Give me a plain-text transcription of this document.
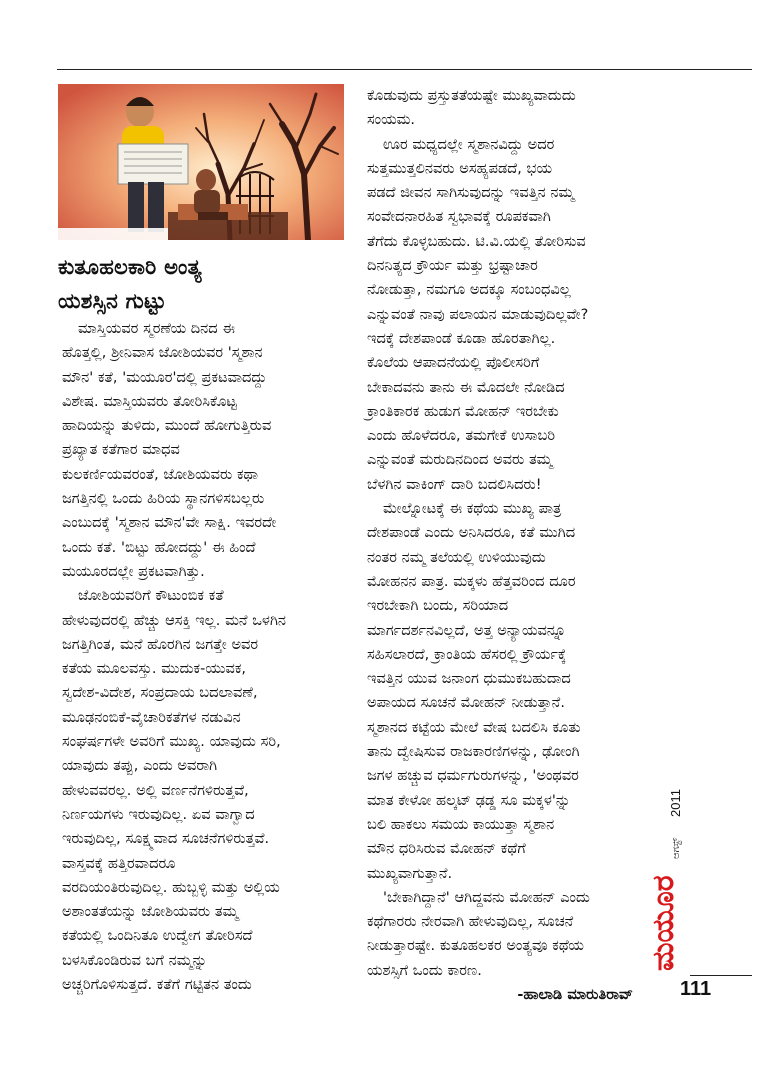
ಕುತೂಹಲಕಾರಿ ಅಂತ್ಯ
ಯಶಸ್ಸಿನ ಗುಟ್ಟು

ಮಾಸ್ತಿಯವರ ಸ್ಮರಣೆಯ ದಿನದ ಈ

ಹೊತ್ತಲ್ಲಿ, ಶ್ರೀನಿವಾಸ ಜೋಶಿಯವರ 'ಸ್ಮಶಾನ

ಮೌನ' ಕತೆ, 'ಮಯೂರ'ದಲ್ಲಿ ಪ್ರಕಟವಾದದ್ದು

ವಿಶೇಷ. ಮಾಸ್ತಿಯವರು ತೋರಿಸಿಕೊಟ್ಟ

ಹಾದಿಯನ್ನು ತುಳಿದು, ಮುಂದೆ ಹೋಗುತ್ತಿರುವ

ಪ್ರಖ್ಯಾತ ಕತೆಗಾರ ಮಾಧವ

ಕುಲಕರ್ಣಿಯವರಂತೆ, ಜೋಶಿಯವರು ಕಥಾ

ಜಗತ್ತಿನಲ್ಲಿ ಒಂದು ಹಿರಿಯ ಸ್ಥಾನಗಳಿಸಬಲ್ಲರು

ಎಂಬುದಕ್ಕೆ 'ಸ್ಮಶಾನ ಮೌನ'ವೇ ಸಾಕ್ಷಿ. ಇವರದೇ

ಒಂದು ಕತೆ. 'ಬಿಟ್ಟು ಹೋದದ್ದು' ಈ ಹಿಂದೆ

ಮಯೂರದಲ್ಲೇ ಪ್ರಕಟವಾಗಿತ್ತು.

ಜೋಶಿಯವರಿಗೆ ಕೌಟುಂಬಿಕ ಕತೆ

ಹೇಳುವುದರಲ್ಲಿ ಹೆಚ್ಚು ಆಸಕ್ತಿ ಇಲ್ಲ. ಮನೆ ಒಳಗಿನ

ಜಗತ್ತಿಗಿಂತ, ಮನೆ ಹೊರಗಿನ ಜಗತ್ತೇ ಅವರ

ಕತೆಯ ಮೂಲವಸ್ತು. ಮುದುಕ-ಯುವಕ,

ಸ್ವದೇಶ-ವಿದೇಶ, ಸಂಪ್ರದಾಯ ಬದಲಾವಣೆ,

ಮೂಢನಂಬಿಕೆ-ವೈಚಾರಿಕತೆಗಳ ನಡುವಿನ

ಸಂಘರ್ಷಗಳೇ ಅವರಿಗೆ ಮುಖ್ಯ. ಯಾವುದು ಸರಿ,

ಯಾವುದು ತಪ್ಪು, ಎಂದು ಅವರಾಗಿ

ಹೇಳುವವರಲ್ಲ. ಅಲ್ಲಿ ವರ್ಣನೆಗಳಿರುತ್ತವೆ,

ನಿರ್ಣಯಗಳು ಇರುವುದಿಲ್ಲ. ಏವ ವಾಗ್ವಾದ

ಇರುವುದಿಲ್ಲ, ಸೂಕ್ಷ್ಮವಾದ ಸೂಚನೆಗಳಿರುತ್ತವೆ.

ವಾಸ್ತವಕ್ಕೆ ಹತ್ತಿರವಾದರೂ

ವರದಿಯಂತಿರುವುದಿಲ್ಲ. ಹುಬ್ಬಳ್ಳಿ ಮತ್ತು ಅಲ್ಲಿಯ

ಅಶಾಂತತೆಯನ್ನು ಜೋಶಿಯವರು ತಮ್ಮ

ಕತೆಯಲ್ಲಿ ಒಂದಿನಿತೂ ಉದ್ವೇಗ ತೋರಿಸದೆ

ಬಳಸಿಕೊಂಡಿರುವ ಬಗೆ ನಮ್ಮನ್ನು

ಅಚ್ಚರಿಗೊಳಿಸುತ್ತದೆ. ಕತೆಗೆ ಗಟ್ಟಿತನ ತಂದು

ಕೊಡುವುದು ಪ್ರಸ್ತುತತೆಯಷ್ಟೇ ಮುಖ್ಯವಾದುದು

ಸಂಯಮ.

ಊರ ಮಧ್ಯದಲ್ಲೇ ಸ್ಮಶಾನವಿದ್ದು ಅದರ

ಸುತ್ತಮುತ್ತಲಿನವರು ಅಸಹ್ಯಪಡದೆ, ಭಯ

ಪಡದೆ ಜೀವನ ಸಾಗಿಸುವುದನ್ನು ಇವತ್ತಿನ ನಮ್ಮ

ಸಂವೇದನಾರಹಿತ ಸ್ವಭಾವಕ್ಕೆ ರೂಪಕವಾಗಿ

ತೆಗೆದು ಕೊಳ್ಳಬಹುದು. ಟಿ.ವಿ.ಯಲ್ಲಿ ತೋರಿಸುವ

ದಿನನಿತ್ಯದ ಕ್ರೌರ್ಯ ಮತ್ತು ಭ್ರಷ್ಟಾಚಾರ

ನೋಡುತ್ತಾ, ನಮಗೂ ಅದಕ್ಕೂ ಸಂಬಂಧವಿಲ್ಲ

ಎನ್ನುವಂತೆ ನಾವು ಪಲಾಯನ ಮಾಡುವುದಿಲ್ಲವೇ?

ಇದಕ್ಕೆ ದೇಶಪಾಂಡೆ ಕೂಡಾ ಹೊರತಾಗಿಲ್ಲ.

ಕೊಲೆಯ ಆಪಾದನೆಯಲ್ಲಿ ಪೊಲೀಸರಿಗೆ

ಬೇಕಾದವನು ತಾನು ಈ ಮೊದಲೇ ನೋಡಿದ

ಕ್ರಾಂತಿಕಾರಕ ಹುಡುಗ ಮೋಹನ್ ಇರಬೇಕು

ಎಂದು ಹೊಳೆದರೂ, ತಮಗೇಕೆ ಉಸಾಬರಿ

ಎನ್ನುವಂತೆ ಮರುದಿನದಿಂದ ಅವರು ತಮ್ಮ

ಬೆಳಗಿನ ವಾಕಿಂಗ್ ದಾರಿ ಬದಲಿಸಿದರು!

ಮೇಲ್ನೋಟಕ್ಕೆ ಈ ಕಥೆಯ ಮುಖ್ಯ ಪಾತ್ರ

ದೇಶಪಾಂಡೆ ಎಂದು ಅನಿಸಿದರೂ, ಕತೆ ಮುಗಿದ

ನಂತರ ನಮ್ಮ ತಲೆಯಲ್ಲಿ ಉಳಿಯುವುದು

ಮೋಹನನ ಪಾತ್ರ. ಮಕ್ಕಳು ಹೆತ್ತವರಿಂದ ದೂರ

ಇರಬೇಕಾಗಿ ಬಂದು, ಸರಿಯಾದ

ಮಾರ್ಗದರ್ಶನವಿಲ್ಲದೆ, ಅತ್ತ ಅನ್ಯಾಯವನ್ನೂ

ಸಹಿಸಲಾರದೆ, ಕ್ರಾಂತಿಯ ಹೆಸರಲ್ಲಿ ಕ್ರೌರ್ಯಕ್ಕೆ

ಇವತ್ತಿನ ಯುವ ಜನಾಂಗ ಧುಮುಕಬಹುದಾದ

ಅಪಾಯದ ಸೂಚನೆ ಮೋಹನ್ ನೀಡುತ್ತಾನೆ.

ಸ್ಮಶಾನದ ಕಟ್ಟೆಯ ಮೇಲೆ ವೇಷ ಬದಲಿಸಿ ಕೂತು

ತಾನು ದ್ವೇಷಿಸುವ ರಾಜಕಾರಣಿಗಳನ್ನು, ಢೋಂಗಿ

ಜಗಳ ಹಚ್ಚುವ ಧರ್ಮಗುರುಗಳನ್ನು, 'ಅಂಥವರ

ಮಾತ ಕೇಳೋ ಹಲ್ಕಟ್ ಢಡ್ಡ ಸೂ ಮಕ್ಕಳ'ನ್ನು

ಬಲಿ ಹಾಕಲು ಸಮಯ ಕಾಯುತ್ತಾ ಸ್ಮಶಾನ

ಮೌನ ಧರಿಸಿರುವ ಮೋಹನ್ ಕಥೆಗೆ

ಮುಖ್ಯವಾಗುತ್ತಾನೆ.

'ಬೇಕಾಗಿದ್ದಾನೆ' ಆಗಿದ್ದವನು ಮೋಹನ್ ಎಂದು

ಕಥೆಗಾರರು ನೇರವಾಗಿ ಹೇಳುವುದಿಲ್ಲ, ಸೂಚನೆ

ನೀಡುತ್ತಾರಷ್ಟೇ. ಕುತೂಹಲಕರ ಅಂತ್ಯವೂ ಕಥೆಯ

ಯಶಸ್ಸಿಗೆ ಒಂದು ಕಾರಣ.

-ಹಾಲಾಡಿ ಮಾರುತಿರಾವ್

ಮಯೂರ
ಆಗಸ್ಟ್
2011
111
